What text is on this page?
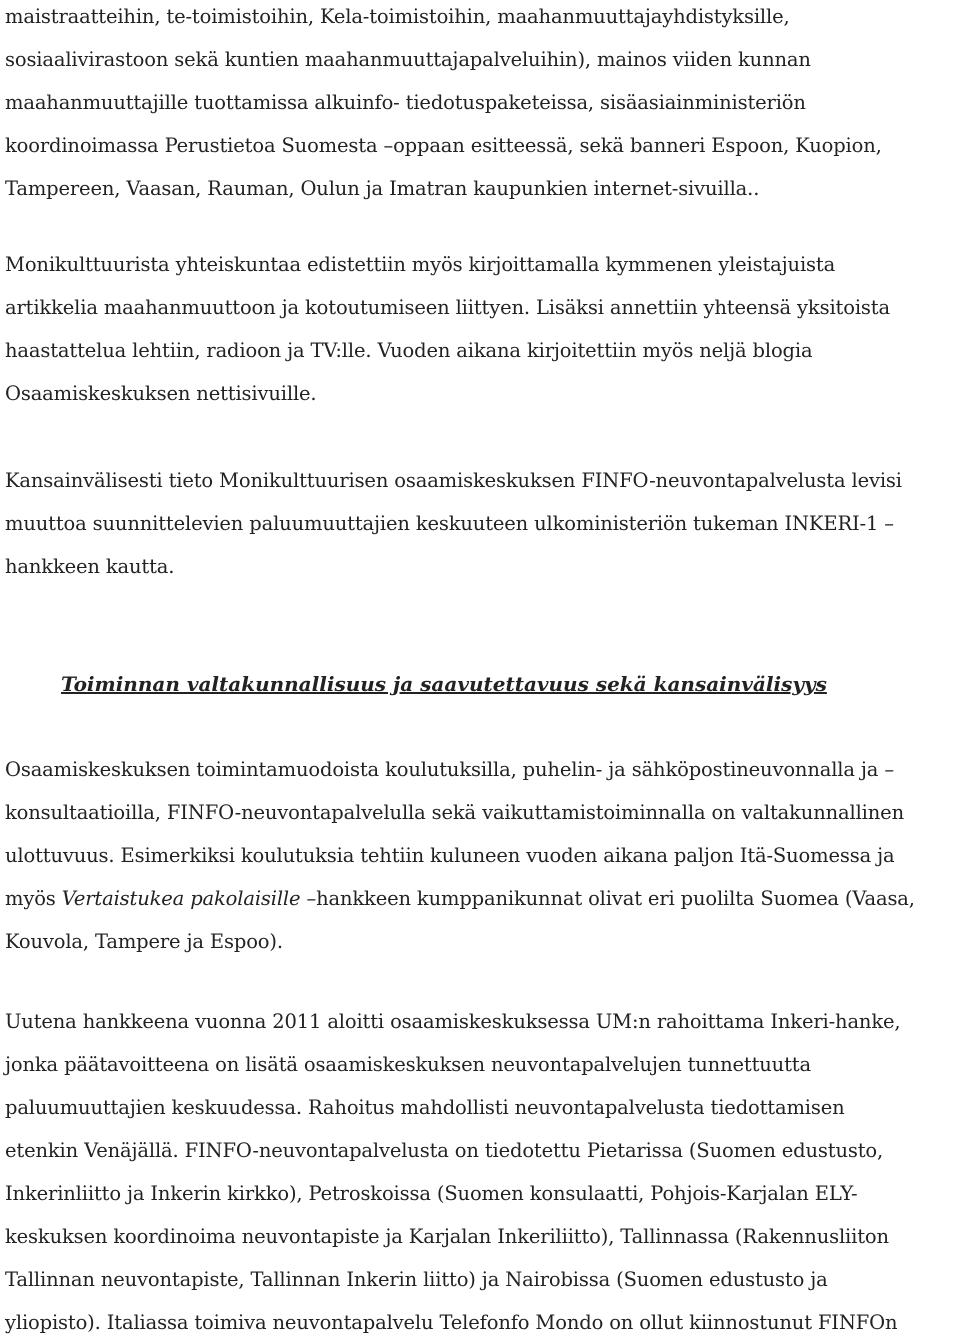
maistraatteihin, te-toimistoihin, Kela-toimistoihin, maahanmuuttajayhdistyksille,
sosiaalivirastoon sekä kuntien maahanmuuttajapalveluihin), mainos viiden kunnan
maahanmuuttajille tuottamissa alkuinfo- tiedotuspaketeissa, sisäasiainministeriön
koordinoimassa Perustietoa Suomesta –oppaan esitteessä, sekä banneri Espoon, Kuopion,
Tampereen, Vaasan, Rauman, Oulun ja Imatran kaupunkien internet-sivuilla..

Monikulttuurista yhteiskuntaa edistettiin myös kirjoittamalla kymmenen yleistajuista
artikkelia maahanmuuttoon ja kotoutumiseen liittyen. Lisäksi annettiin yhteensä yksitoista
haastattelua lehtiin, radioon ja TV:lle. Vuoden aikana kirjoitettiin myös neljä blogia
Osaamiskeskuksen nettisivuille.

Kansainvälisesti tieto Monikulttuurisen osaamiskeskuksen FINFO-neuvontapalvelusta levisi
muuttoa suunnittelevien paluumuuttajien keskuuteen ulkoministeriön tukeman INKERI-1 –
hankkeen kautta.

Toiminnan valtakunnallisuus ja saavutettavuus sekä kansainvälisyys

Osaamiskeskuksen toimintamuodoista koulutuksilla, puhelin- ja sähköpostineuvonnalla ja –
konsultaatioilla, FINFO-neuvontapalvelulla sekä vaikuttamistoiminnalla on valtakunnallinen
ulottuvuus. Esimerkiksi koulutuksia tehtiin kuluneen vuoden aikana paljon Itä-Suomessa ja
myös Vertaistukea pakolaisille –hankkeen kumppanikunnat olivat eri puolilta Suomea (Vaasa,
Kouvola, Tampere ja Espoo).

Uutena hankkeena vuonna 2011 aloitti osaamiskeskuksessa UM:n rahoittama Inkeri-hanke,
jonka päätavoitteena on lisätä osaamiskeskuksen neuvontapalvelujen tunnettuutta
paluumuuttajien keskuudessa. Rahoitus mahdollisti neuvontapalvelusta tiedottamisen
etenkin Venäjällä. FINFO-neuvontapalvelusta on tiedotettu Pietarissa (Suomen edustusto,
Inkerinliitto ja Inkerin kirkko), Petroskoissa (Suomen konsulaatti, Pohjois-Karjalan ELY-
keskuksen koordinoima neuvontapiste ja Karjalan Inkeriliitto), Tallinnassa (Rakennusliiton
Tallinnan neuvontapiste, Tallinnan Inkerin liitto) ja Nairobissa (Suomen edustusto ja
yliopisto). Italiassa toimiva neuvontapalvelu Telefonfo Mondo on ollut kiinnostunut FINFOn
